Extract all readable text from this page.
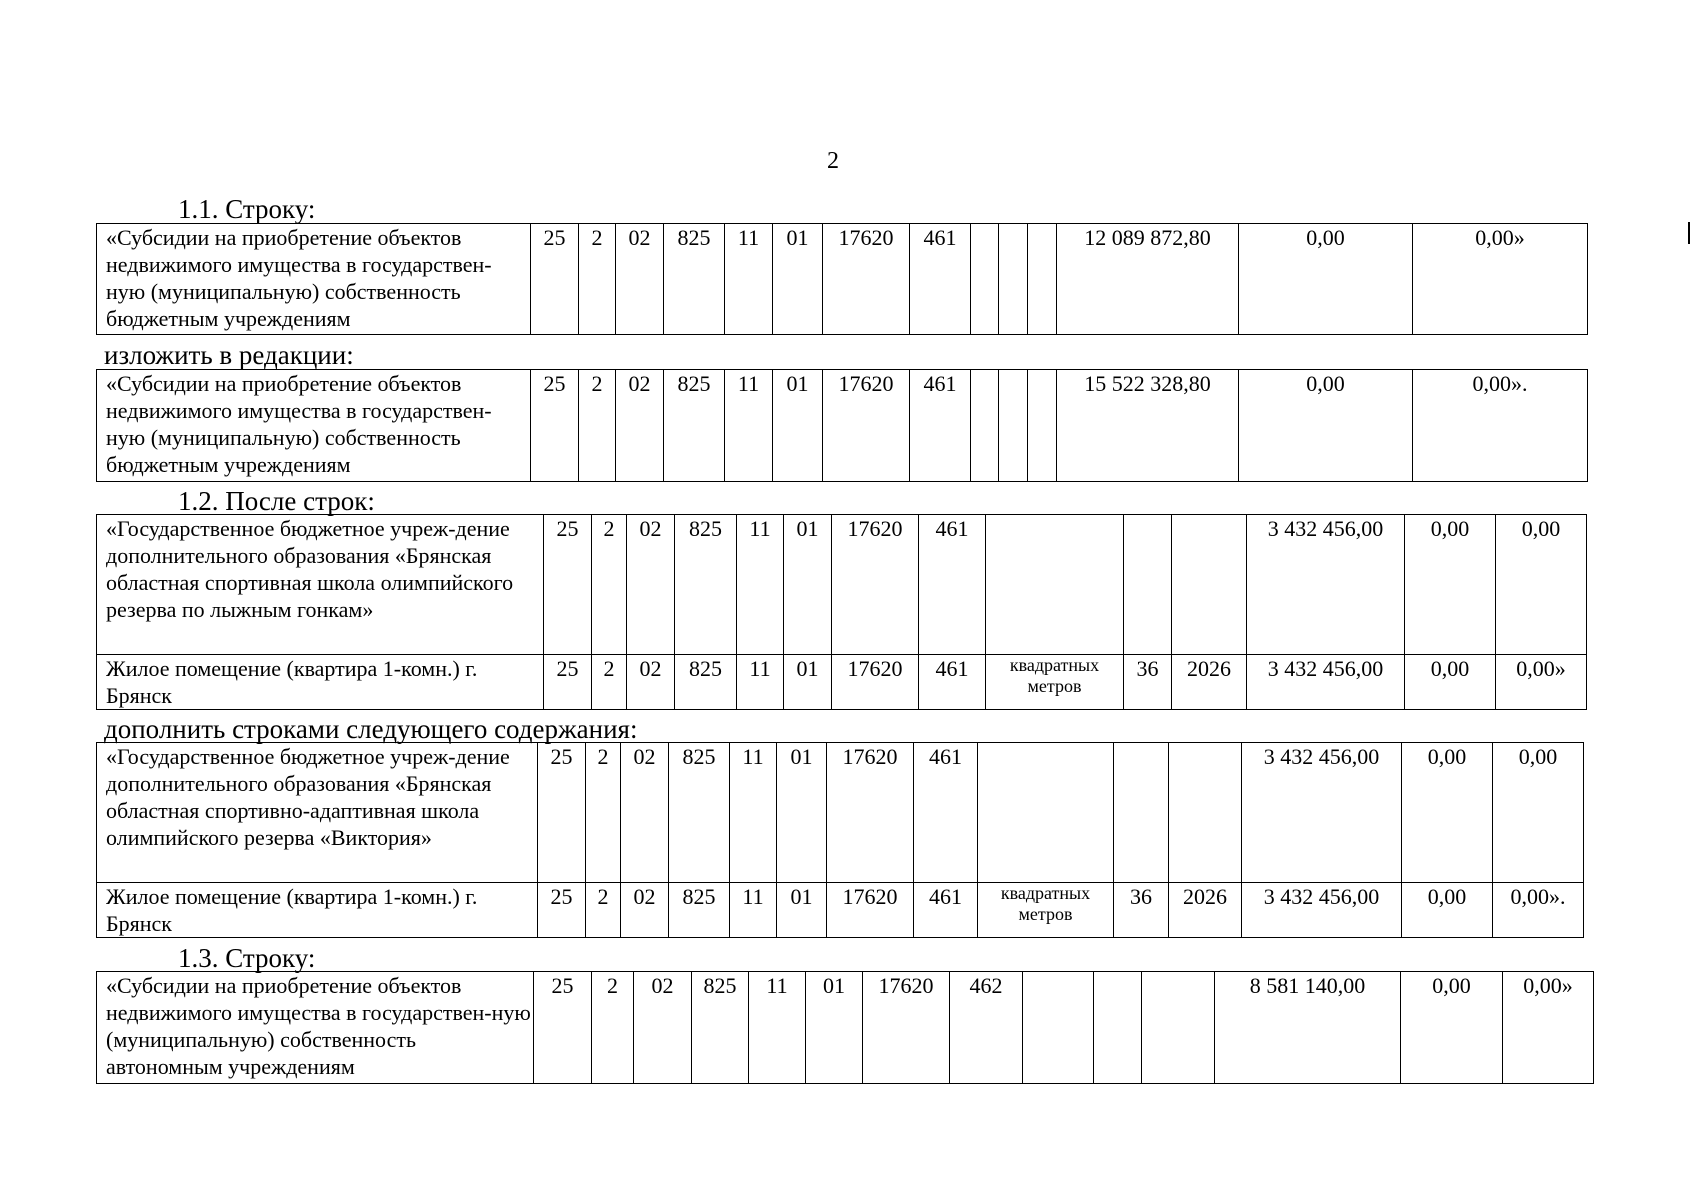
2
1.1. Строку:
«Субсидии на приобретение объектов недвижимого имущества в государствен-ную (муниципальную) собственность бюджетным учреждениям	25	2	02	825	11	01	17620	461				12 089 872,80	0,00	0,00»
изложить в редакции:
«Субсидии на приобретение объектов недвижимого имущества в государствен-ную (муниципальную) собственность бюджетным учреждениям	25	2	02	825	11	01	17620	461				15 522 328,80	0,00	0,00».
1.2. После строк:
«Государственное бюджетное учреж-дение дополнительного образования «Брянская областная спортивная школа олимпийского резерва по лыжным гонкам»	25	2	02	825	11	01	17620	461				3 432 456,00	0,00	0,00
Жилое помещение (квартира 1-комн.) г. Брянск	25	2	02	825	11	01	17620	461	квадратных метров	36	2026	3 432 456,00	0,00	0,00»
дополнить строками следующего содержания:
«Государственное бюджетное учреж-дение дополнительного образования «Брянская областная спортивно-адаптивная школа олимпийского резерва «Виктория»	25	2	02	825	11	01	17620	461				3 432 456,00	0,00	0,00
Жилое помещение (квартира 1-комн.) г. Брянск	25	2	02	825	11	01	17620	461	квадратных метров	36	2026	3 432 456,00	0,00	0,00».
1.3. Строку:
«Субсидии на приобретение объектов недвижимого имущества в государствен-ную (муниципальную) собственность автономным учреждениям	25	2	02	825	11	01	17620	462				8 581 140,00	0,00	0,00»
